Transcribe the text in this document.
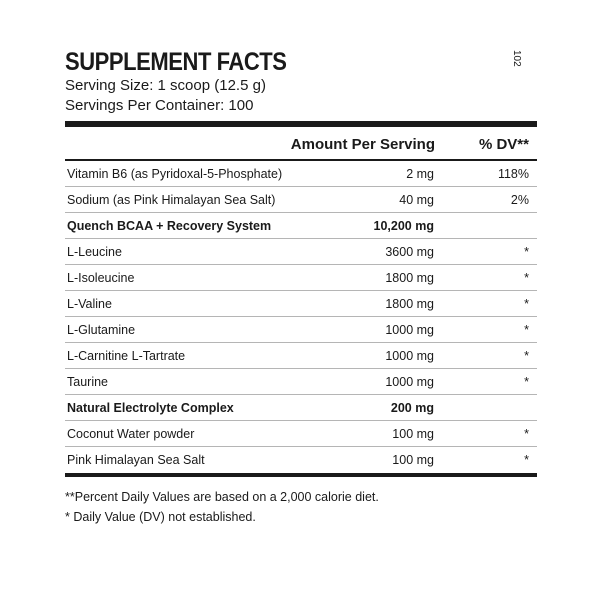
SUPPLEMENT FACTS
Serving Size: 1 scoop (12.5 g)
Servings Per Container: 100
Amount Per Serving	% DV**
Vitamin B6 (as Pyridoxal-5-Phosphate)	2 mg	118%
Sodium (as Pink Himalayan Sea Salt)	40 mg	2%
Quench BCAA + Recovery System	10,200 mg
L-Leucine	3600 mg	*
L-Isoleucine	1800 mg	*
L-Valine	1800 mg	*
L-Glutamine	1000 mg	*
L-Carnitine L-Tartrate	1000 mg	*
Taurine	1000 mg	*
Natural Electrolyte Complex	200 mg
Coconut Water powder	100 mg	*
Pink Himalayan Sea Salt	100 mg	*
**Percent Daily Values are based on a 2,000 calorie diet.
* Daily Value (DV) not established.
102
